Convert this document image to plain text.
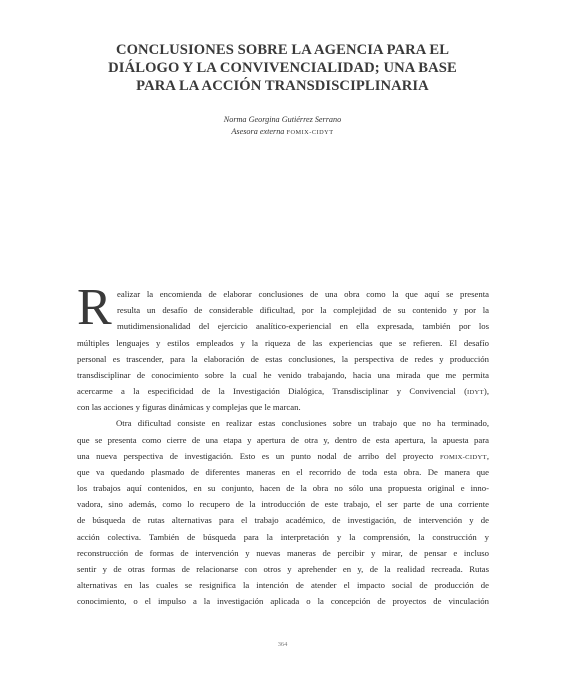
CONCLUSIONES SOBRE LA AGENCIA PARA EL
DIÁLOGO Y LA CONVIVENCIALIDAD; UNA BASE
PARA LA ACCIÓN TRANSDISCIPLINARIA
Norma Georgina Gutiérrez Serrano
Asesora externa FOMIX-CIDYT
R ealizar la encomienda de elaborar conclusiones de una obra como la que aquí se presenta
resulta un desafío de considerable dificultad, por la complejidad de su contenido y por la
mutidimensionalidad del ejercicio analítico-experiencial en ella expresada, también por los
múltiples lenguajes y estilos empleados y la riqueza de las experiencias que se refieren. El desafío
personal es trascender, para la elaboración de estas conclusiones, la perspectiva de redes y producción
transdisciplinar de conocimiento sobre la cual he venido trabajando, hacia una mirada que me permita
acercarme a la especificidad de la Investigación Dialógica, Transdisciplinar y Convivencial (IDYT),
con las acciones y figuras dinámicas y complejas que le marcan.
Otra dificultad consiste en realizar estas conclusiones sobre un trabajo que no ha terminado,
que se presenta como cierre de una etapa y apertura de otra y, dentro de esta apertura, la apuesta para
una nueva perspectiva de investigación. Esto es un punto nodal de arribo del proyecto FOMIX-CIDYT,
que va quedando plasmado de diferentes maneras en el recorrido de toda esta obra. De manera que
los trabajos aquí contenidos, en su conjunto, hacen de la obra no sólo una propuesta original e inno-
vadora, sino además, como lo recupero de la introducción de este trabajo, el ser parte de una corriente
de búsqueda de rutas alternativas para el trabajo académico, de investigación, de intervención y de
acción colectiva. También de búsqueda para la interpretación y la comprensión, la construcción y
reconstrucción de formas de intervención y nuevas maneras de percibir y mirar, de pensar e incluso
sentir y de otras formas de relacionarse con otros y aprehender en y, de la realidad recreada. Rutas
alternativas en las cuales se resignifica la intención de atender el impacto social de producción de
conocimiento, o el impulso a la investigación aplicada o la concepción de proyectos de vinculación
364
